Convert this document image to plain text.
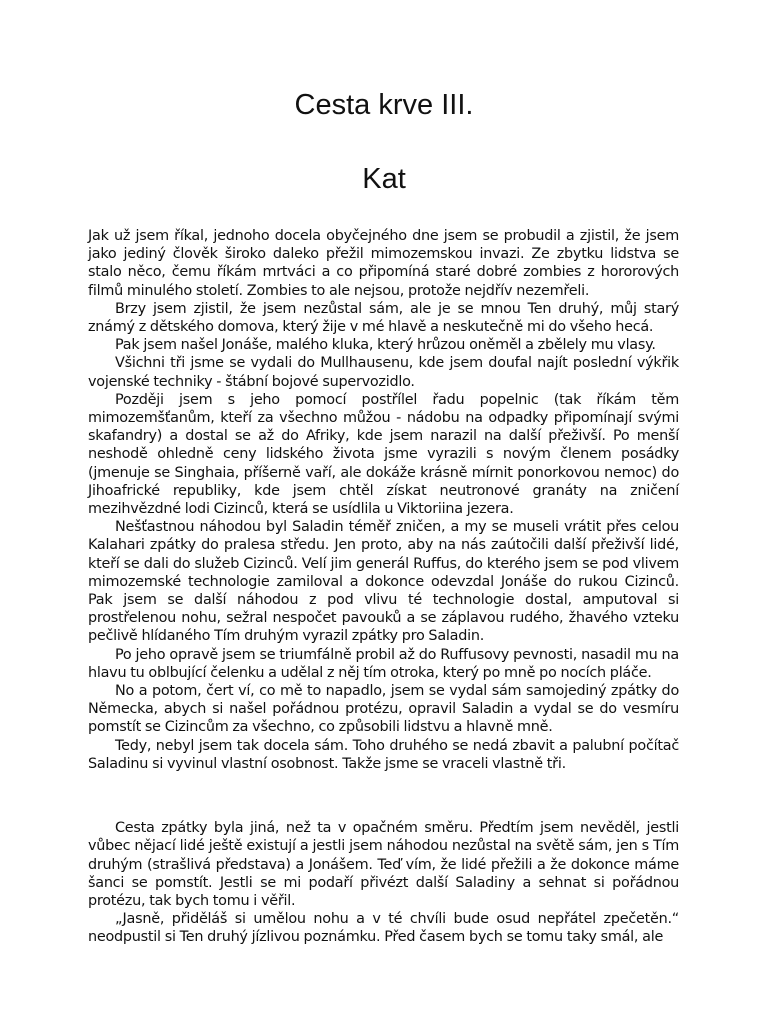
Cesta krve III.
Kat

Jak už jsem říkal, jednoho docela obyčejného dne jsem se probudil a zjistil, že jsem jako jediný člověk široko daleko přežil mimozemskou invazi. Ze zbytku lidstva se stalo něco, čemu říkám mrtváci a co připomíná staré dobré zombies z hororových filmů minulého století. Zombies to ale nejsou, protože nejdřív nezemřeli.

Brzy jsem zjistil, že jsem nezůstal sám, ale je se mnou Ten druhý, můj starý známý z dětského domova, který žije v mé hlavě a neskutečně mi do všeho hecá.

Pak jsem našel Jonáše, malého kluka, který hrůzou oněměl a zbělely mu vlasy.

Všichni tři jsme se vydali do Mullhausenu, kde jsem doufal najít poslední výkřik vojenské techniky - štábní bojové supervozidlo.

Později jsem s jeho pomocí postřílel řadu popelnic (tak říkám těm mimozemšťanům, kteří za všechno můžou - nádobu na odpadky připomínají svými skafandry) a dostal se až do Afriky, kde jsem narazil na další přeživší. Po menší neshodě ohledně ceny lidského života jsme vyrazili s novým členem posádky (jmenuje se Singhaia, příšerně vaří, ale dokáže krásně mírnit ponorkovou nemoc) do Jihoafrické republiky, kde jsem chtěl získat neutronové granáty na zničení mezihvězdné lodi Cizinců, která se usídlila u Viktoriina jezera.

Nešťastnou náhodou byl Saladin téměř zničen, a my se museli vrátit přes celou Kalahari zpátky do pralesa středu. Jen proto, aby na nás zaútočili další přeživší lidé, kteří se dali do služeb Cizinců. Velí jim generál Ruffus, do kterého jsem se pod vlivem mimozemské technologie zamiloval a dokonce odevzdal Jonáše do rukou Cizinců. Pak jsem se další náhodou z pod vlivu té technologie dostal, amputoval si prostřelenou nohu, sežral nespočet pavouků a se záplavou rudého, žhavého vzteku pečlivě hlídaného Tím druhým vyrazil zpátky pro Saladin.

Po jeho opravě jsem se triumfálně probil až do Ruffusovy pevnosti, nasadil mu na hlavu tu oblbující čelenku a udělal z něj tím otroka, který po mně po nocích pláče.

No a potom, čert ví, co mě to napadlo, jsem se vydal sám samojediný zpátky do Německa, abych si našel pořádnou protézu, opravil Saladin a vydal se do vesmíru pomstít se Cizincům za všechno, co způsobili lidstvu a hlavně mně.

Tedy, nebyl jsem tak docela sám. Toho druhého se nedá zbavit a palubní počítač Saladinu si vyvinul vlastní osobnost. Takže jsme se vraceli vlastně tři.

Cesta zpátky byla jiná, než ta v opačném směru. Předtím jsem nevěděl, jestli vůbec nějací lidé ještě existují a jestli jsem náhodou nezůstal na světě sám, jen s Tím druhým (strašlivá představa) a Jonášem. Teď vím, že lidé přežili a že dokonce máme šanci se pomstít. Jestli se mi podaří přivézt další Saladiny a sehnat si pořádnou protézu, tak bych tomu i věřil.

„Jasně, přiděláš si umělou nohu a v té chvíli bude osud nepřátel zpečetěn.“ neodpustil si Ten druhý jízlivou poznámku. Před časem bych se tomu taky smál, ale
